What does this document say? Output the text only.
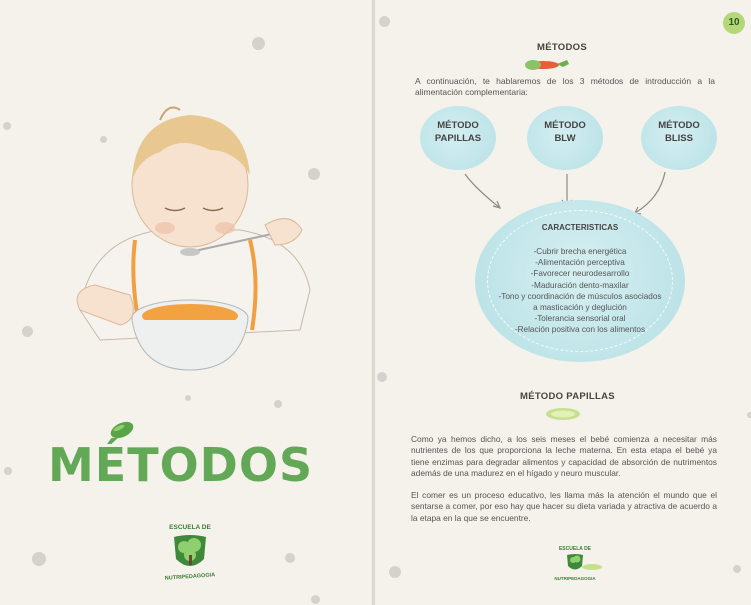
MÉTODOS
ESCUELA DE
NUTRIPEDAGOGIA
10
MÉTODOS
A continuación, te hablaremos de los 3 métodos de introducción a la alimentación complementaria:
MÉTODO
PAPILLAS
MÉTODO
BLW
MÉTODO
BLISS
CARACTERISTICAS
-Cubrir brecha energética
-Alimentación perceptiva
-Favorecer neurodesarrollo
-Maduración dento-maxilar
-Tono y coordinación de músculos asociados
a masticación y deglución
-Tolerancia sensorial oral
-Relación positiva con los alimentos
MÉTODO PAPILLAS
Como ya hemos dicho, a los seis meses el bebé comienza a necesitar más nutrientes de los que proporciona la leche materna. En esta etapa el bebé ya tiene enzimas para degradar alimentos y capacidad de absorción de nutrimentos además de una madurez en el hígado y neuro muscular.
El comer es un proceso educativo, les llama más la atención el mundo que el sentarse a comer, por eso hay que hacer su dieta variada y atractiva de acuerdo a la etapa en la que se encuentre.
ESCUELA DE
NUTRIPEDAGOGIA
